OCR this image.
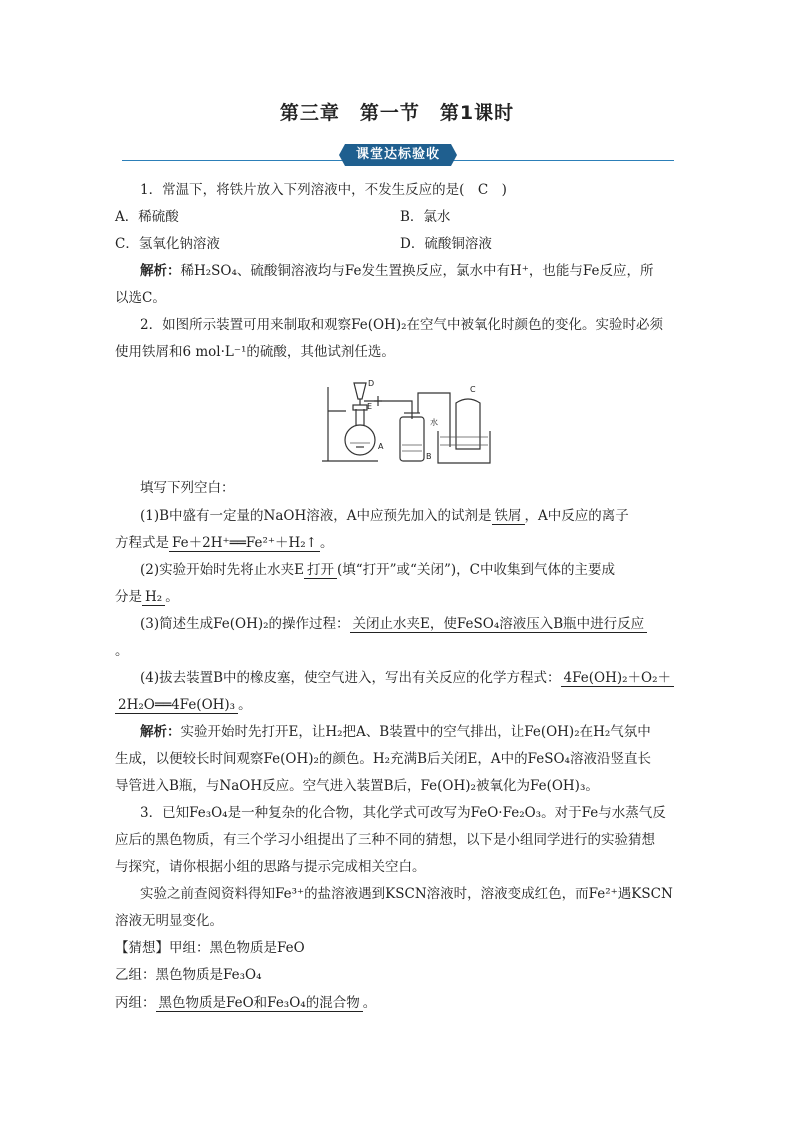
第三章　第一节　第1课时
课堂达标验收
1．常温下，将铁片放入下列溶液中，不发生反应的是(　C　)
A．稀硫酸	B．氯水
C．氢氧化钠溶液	D．硫酸铜溶液
解析：稀H₂SO₄、硫酸铜溶液均与Fe发生置换反应，氯水中有H⁺，也能与Fe反应，所
以选C。
2．如图所示装置可用来制取和观察Fe(OH)₂在空气中被氧化时颜色的变化。实验时必须
使用铁屑和6 mol·L⁻¹的硫酸，其他试剂任选。
D
E
A
B
C
水
填写下列空白：
(1)B中盛有一定量的NaOH溶液，A中应预先加入的试剂是 铁屑 ，A中反应的离子
方程式是 Fe＋2H⁺══Fe²⁺＋H₂↑ 。
(2)实验开始时先将止水夹E 打开 (填“打开”或“关闭”)，C中收集到气体的主要成
分是 H₂ 。
(3)简述生成Fe(OH)₂的操作过程： 关闭止水夹E，使FeSO₄溶液压入B瓶中进行反应
。
(4)拔去装置B中的橡皮塞，使空气进入，写出有关反应的化学方程式： 4Fe(OH)₂＋O₂＋
2H₂O══4Fe(OH)₃ 。
解析：实验开始时先打开E，让H₂把A、B装置中的空气排出，让Fe(OH)₂在H₂气氛中
生成，以便较长时间观察Fe(OH)₂的颜色。H₂充满B后关闭E，A中的FeSO₄溶液沿竖直长
导管进入B瓶，与NaOH反应。空气进入装置B后，Fe(OH)₂被氧化为Fe(OH)₃。
3．已知Fe₃O₄是一种复杂的化合物，其化学式可改写为FeO·Fe₂O₃。对于Fe与水蒸气反
应后的黑色物质，有三个学习小组提出了三种不同的猜想，以下是小组同学进行的实验猜想
与探究，请你根据小组的思路与提示完成相关空白。
实验之前查阅资料得知Fe³⁺的盐溶液遇到KSCN溶液时，溶液变成红色，而Fe²⁺遇KSCN
溶液无明显变化。
【猜想】甲组：黑色物质是FeO
乙组：黑色物质是Fe₃O₄
丙组： 黑色物质是FeO和Fe₃O₄的混合物 。
